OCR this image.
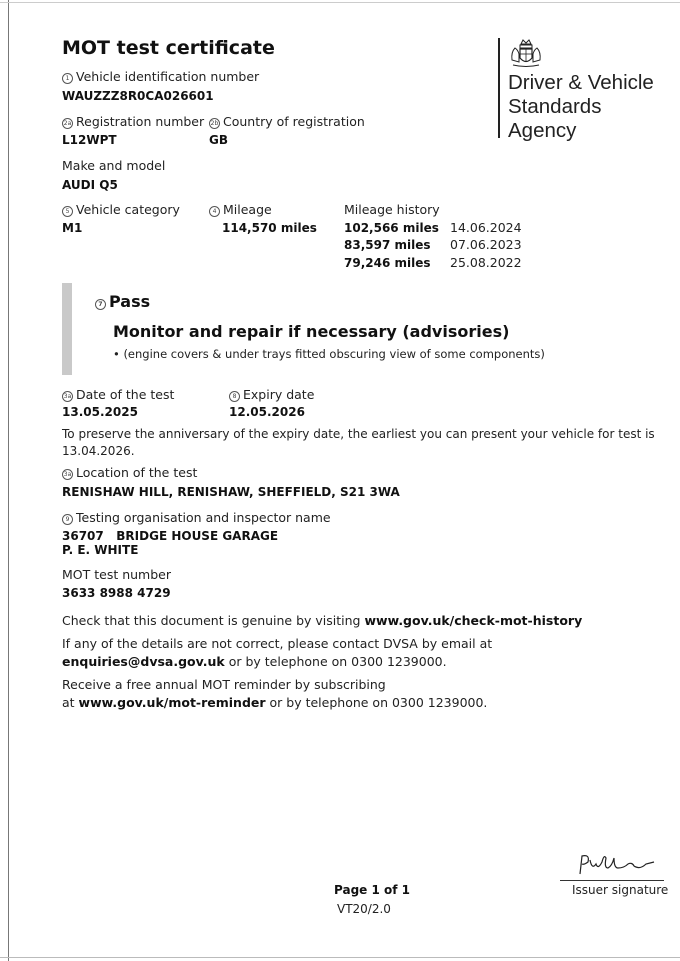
MOT test certificate
Driver & Vehicle
Standards
Agency
1 Vehicle identification number
WAUZZZ8R0CA026601
2a Registration number
L12WPT
2b Country of registration
GB
Make and model
AUDI Q5
5 Vehicle category
M1
4 Mileage
114,570 miles
Mileage history
102,566 miles 14.06.2024
83,597 miles 07.06.2023
79,246 miles 25.08.2022
7 Pass
Monitor and repair if necessary (advisories)
• (engine covers & under trays fitted obscuring view of some components)
3a Date of the test
13.05.2025
8 Expiry date
12.05.2026
To preserve the anniversary of the expiry date, the earliest you can present your vehicle for test is
13.04.2026.
3a Location of the test
RENISHAW HILL, RENISHAW, SHEFFIELD, S21 3WA
9 Testing organisation and inspector name
36707   BRIDGE HOUSE GARAGE
P. E. WHITE
MOT test number
3633 8988 4729
Check that this document is genuine by visiting www.gov.uk/check-mot-history
If any of the details are not correct, please contact DVSA by email at
enquiries@dvsa.gov.uk or by telephone on 0300 1239000.
Receive a free annual MOT reminder by subscribing
at www.gov.uk/mot-reminder or by telephone on 0300 1239000.
Page 1 of 1
VT20/2.0
Issuer signature
